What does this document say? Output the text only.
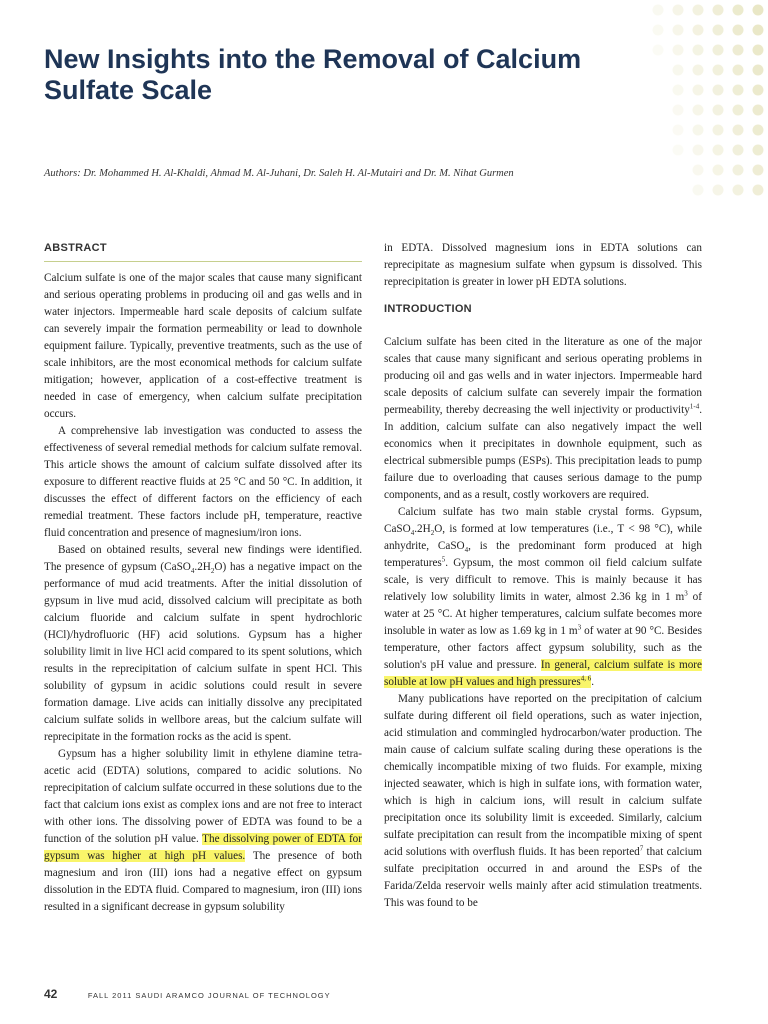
New Insights into the Removal of Calcium Sulfate Scale
Authors: Dr. Mohammed H. Al-Khaldi, Ahmad M. Al-Juhani, Dr. Saleh H. Al-Mutairi and Dr. M. Nihat Gurmen
ABSTRACT

Calcium sulfate is one of the major scales that cause many significant and serious operating problems in producing oil and gas wells and in water injectors. Impermeable hard scale deposits of calcium sulfate can severely impair the formation permeability or lead to downhole equipment failure. Typically, preventive treatments, such as the use of scale inhibitors, are the most economical methods for calcium sulfate mitigation; however, application of a cost-effective treatment is needed in case of emergency, when calcium sulfate precipitation occurs.

A comprehensive lab investigation was conducted to assess the effectiveness of several remedial methods for calcium sulfate removal. This article shows the amount of calcium sulfate dissolved after its exposure to different reactive fluids at 25 °C and 50 °C. In addition, it discusses the effect of different factors on the efficiency of each remedial treatment. These factors include pH, temperature, reactive fluid concentration and presence of magnesium/iron ions.

Based on obtained results, several new findings were identified. The presence of gypsum $(CaSO_4.2H_2O)$ has a negative impact on the performance of mud acid treatments. After the initial dissolution of gypsum in live mud acid, dissolved calcium will precipitate as both calcium fluoride and calcium sulfate in spent hydrochloric (HCl)/hydrofluoric (HF) acid solutions. Gypsum has a higher solubility limit in live HCl acid compared to its spent solutions, which results in the reprecipitation of calcium sulfate in spent HCl. This solubility of gypsum in acidic solutions could result in severe formation damage. Live acids can initially dissolve any precipitated calcium sulfate solids in wellbore areas, but the calcium sulfate will reprecipitate in the formation rocks as the acid is spent.

Gypsum has a higher solubility limit in ethylene diamine tetra-acetic acid (EDTA) solutions, compared to acidic solutions. No reprecipitation of calcium sulfate occurred in these solutions due to the fact that calcium ions exist as complex ions and are not free to interact with other ions. The dissolving power of EDTA was found to be a function of the solution pH value. The dissolving power of EDTA for gypsum was higher at high pH values. The presence of both magnesium and iron (III) ions had a negative effect on gypsum dissolution in the EDTA fluid. Compared to magnesium, iron (III) ions resulted in a significant decrease in gypsum solubility

in EDTA. Dissolved magnesium ions in EDTA solutions can reprecipitate as magnesium sulfate when gypsum is dissolved. This reprecipitation is greater in lower pH EDTA solutions.

INTRODUCTION

Calcium sulfate has been cited in the literature as one of the major scales that cause many significant and serious operating problems in producing oil and gas wells and in water injectors. Impermeable hard scale deposits of calcium sulfate can severely impair the formation permeability, thereby decreasing the well injectivity or productivity$^{1-4}$. In addition, calcium sulfate can also negatively impact the well economics when it precipitates in downhole equipment, such as electrical submersible pumps (ESPs). This precipitation leads to pump failure due to overloading that causes serious damage to the pump components, and as a result, costly workovers are required.

Calcium sulfate has two main stable crystal forms. Gypsum, $CaSO_4.2H_2O$, is formed at low temperatures (i.e., T < 98 °C), while anhydrite, CaSO$_4$, is the predominant form produced at high temperatures$^5$. Gypsum, the most common oil field calcium sulfate scale, is very difficult to remove. This is mainly because it has relatively low solubility limits in water, almost 2.36 kg in 1 $m^3$ of water at 25 °C. At higher temperatures, calcium sulfate becomes more insoluble in water as low as 1.69 kg in 1 $m^3$ of water at 90 °C. Besides temperature, other factors affect gypsum solubility, such as the solution's pH value and pressure. In general, calcium sulfate is more soluble at low pH values and high pressures$^{4, 6}$.

Many publications have reported on the precipitation of calcium sulfate during different oil field operations, such as water injection, acid stimulation and commingled hydrocarbon/water production. The main cause of calcium sulfate scaling during these operations is the chemically incompatible mixing of two fluids. For example, mixing injected seawater, which is high in sulfate ions, with formation water, which is high in calcium ions, will result in calcium sulfate precipitation once its solubility limit is exceeded. Similarly, calcium sulfate precipitation can result from the incompatible mixing of spent acid solutions with overflush fluids. It has been reported$^7$ that calcium sulfate precipitation occurred in and around the ESPs of the Farida/Zelda reservoir wells mainly after acid stimulation treatments. This was found to be

42	FALL 2011 SAUDI ARAMCO JOURNAL OF TECHNOLOGY
